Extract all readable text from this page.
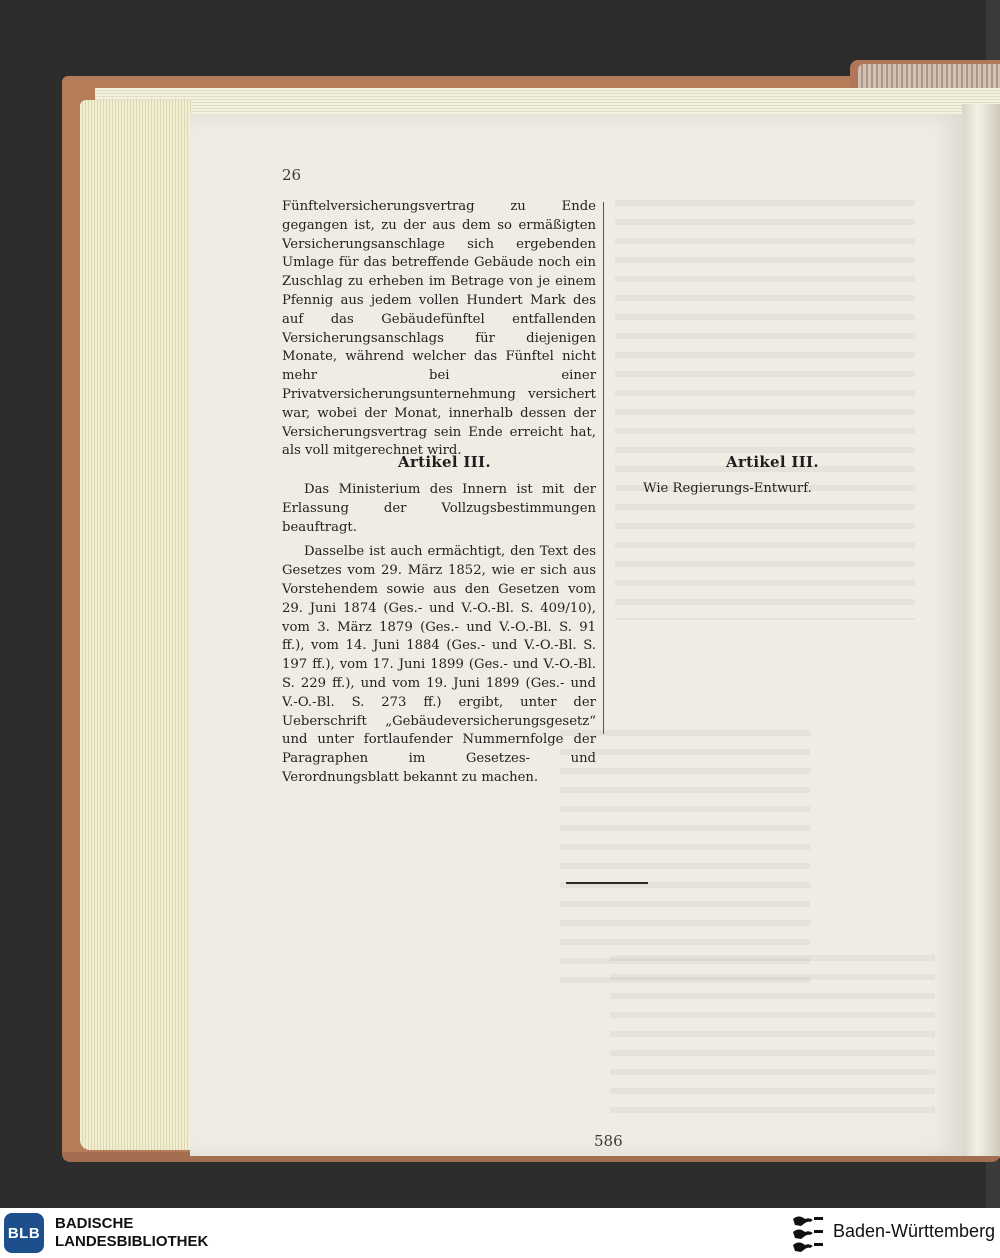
26

Fünftelversicherungsvertrag zu Ende gegangen ist, zu der aus dem so ermäßigten Versicherungsanschlage sich ergebenden Umlage für das betreffende Gebäude noch ein Zuschlag zu erheben im Betrage von je einem Pfennig aus jedem vollen Hundert Mark des auf das Gebäudefünftel entfallenden Versicherungsanschlags für diejenigen Monate, während welcher das Fünftel nicht mehr bei einer Privatversicherungsunternehmung versichert war, wobei der Monat, innerhalb dessen der Versicherungsvertrag sein Ende erreicht hat, als voll mitgerechnet wird.

Artikel III.

Das Ministerium des Innern ist mit der Erlassung der Vollzugsbestimmungen beauftragt.

Dasselbe ist auch ermächtigt, den Text des Gesetzes vom 29. März 1852, wie er sich aus Vorstehendem sowie aus den Gesetzen vom 29. Juni 1874 (Ges.- und V.-O.-Bl. S. 409/10), vom 3. März 1879 (Ges.- und V.-O.-Bl. S. 91 ff.), vom 14. Juni 1884 (Ges.- und V.-O.-Bl. S. 197 ff.), vom 17. Juni 1899 (Ges.- und V.-O.-Bl. S. 229 ff.), und vom 19. Juni 1899 (Ges.- und V.-O.-Bl. S. 273 ff.) ergibt, unter der Ueberschrift „Gebäudeversicherungsgesetz“ und unter fortlaufender Nummernfolge der Paragraphen im Gesetzes- und Verordnungsblatt bekannt zu machen.

Artikel III.
Wie Regierungs-Entwurf.
586
BLB
BADISCHE
LANDESBIBLIOTHEK
Baden-Württemberg
